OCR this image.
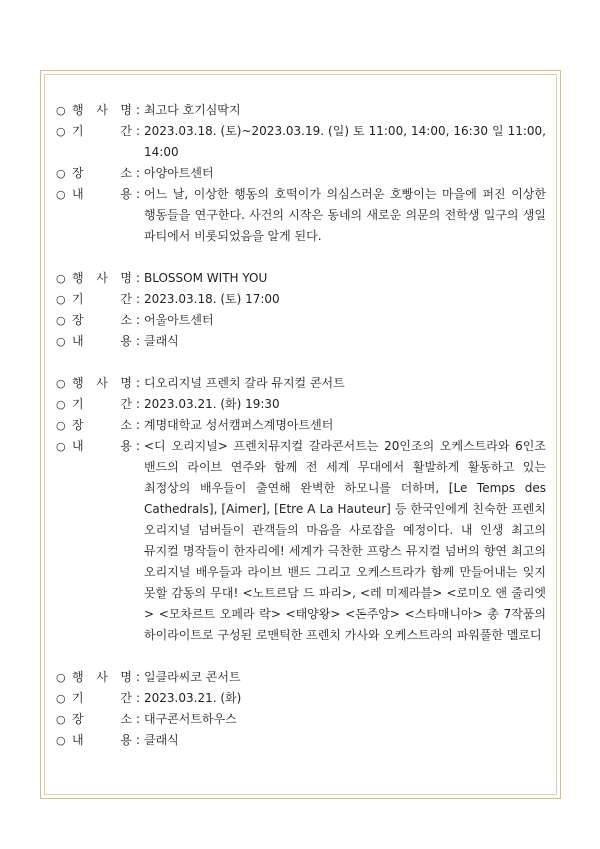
○ 행 사 명 : 최고다 호기심딱지
○ 기	간 : 2023.03.18. (토)~2023.03.19. (일) 토 11:00, 14:00, 16:30 일 11:00, 14:00
○ 장	소 : 아양아트센터
○ 내	용 : 어느 날, 이상한 행동의 호떡이가 의심스러운 호빵이는 마을에 퍼진 이상한 행동들을 연구한다. 사건의 시작은 동네의 새로운 의문의 전학생 일구의 생일 파티에서 비롯되었음을 알게 된다.
○ 행 사 명 : BLOSSOM WITH YOU
○ 기	간 : 2023.03.18. (토) 17:00
○ 장	소 : 어울아트센터
○ 내	용 : 클래식
○ 행 사 명 : 디오리지널 프렌치 갈라 뮤지컬 콘서트
○ 기	간 : 2023.03.21. (화) 19:30
○ 장	소 : 계명대학교 성서캠퍼스계명아트센터
○ 내	용 : <디 오리지널> 프렌치뮤지컬 갈라콘서트는 20인조의 오케스트라와 6인조 밴드의 라이브 연주와 함께 전 세계 무대에서 활발하게 활동하고 있는 최정상의 배우들이 출연해 완벽한 하모니를 더하며, [Le Temps des Cathedrals], [Aimer], [Etre A La Hauteur] 등 한국인에게 친숙한 프렌치 오리지널 넘버들이 관객들의 마음을 사로잡을 예정이다. 내 인생 최고의 뮤지컬 명작들이 한자리에! 세계가 극찬한 프랑스 뮤지컬 넘버의 향연 최고의 오리지널 배우들과 라이브 밴드 그리고 오케스트라가 함께 만들어내는 잊지 못할 감동의 무대! <노트르담 드 파리>, <레 미제라블> <로미오 앤 줄리엣> <모차르트 오페라 락> <태양왕> <돈주앙> <스타매니아> 총 7작품의 하이라이트로 구성된 로맨틱한 프렌치 가사와 오케스트라의 파워풀한 멜로디
○ 행 사 명 : 일클라씨코 콘서트
○ 기	간 : 2023.03.21. (화)
○ 장	소 : 대구콘서트하우스
○ 내	용 : 클래식
